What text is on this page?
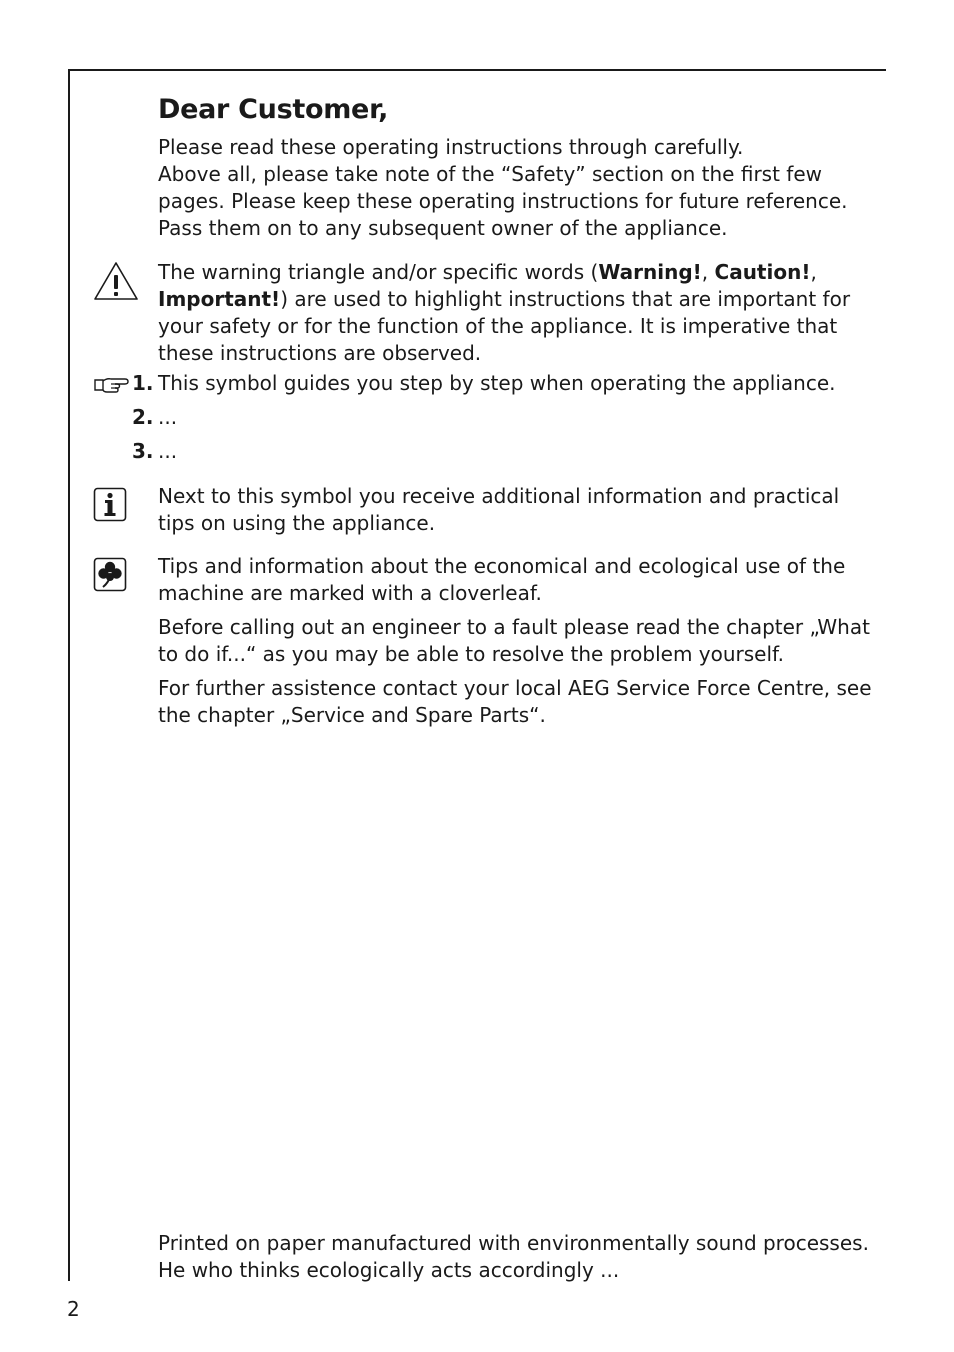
Dear Customer,
Please read these operating instructions through carefully.
Above all, please take note of the “Safety” section on the first few
pages. Please keep these operating instructions for future reference.
Pass them on to any subsequent owner of the appliance.
The warning triangle and/or specific words (Warning!, Caution!,
Important!) are used to highlight instructions that are important for
your safety or for the function of the appliance. It is imperative that
these instructions are observed.
1. This symbol guides you step by step when operating the appliance.
2. ...
3. ...
Next to this symbol you receive additional information and practical
tips on using the appliance.
Tips and information about the economical and ecological use of the
machine are marked with a cloverleaf.
Before calling out an engineer to a fault please read the chapter „What
to do if...“ as you may be able to resolve the problem yourself.
For further assistence contact your local AEG Service Force Centre, see
the chapter „Service and Spare Parts“.
Printed on paper manufactured with environmentally sound processes.
He who thinks ecologically acts accordingly ...
2
